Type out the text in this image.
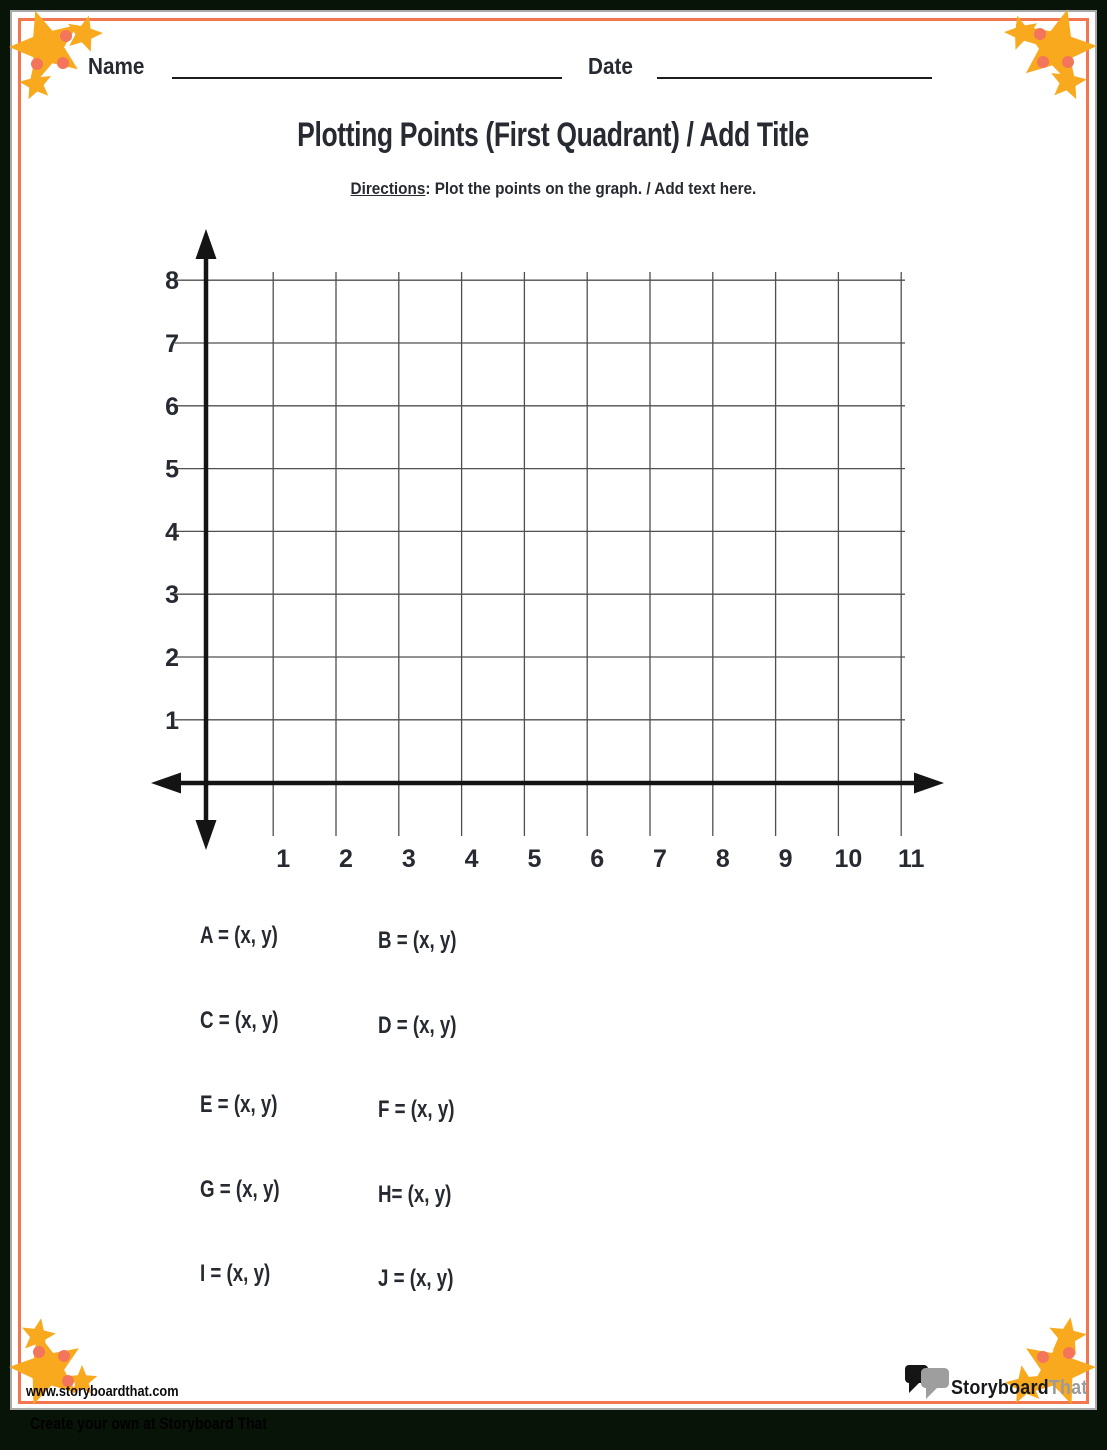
Name	Date
Plotting Points (First Quadrant) / Add Title
Directions: Plot the points on the graph. / Add text here.
1 2 3 4 5 6 7 8 9 10 11
1
2
3
4
5
6
7
8
A = (x, y)	B = (x, y)
C = (x, y)	D = (x, y)
E = (x, y)	F = (x, y)
G = (x, y)	H= (x, y)
I = (x, y)	J = (x, y)
www.storyboardthat.com	StoryboardThat
Create your own at Storyboard That
